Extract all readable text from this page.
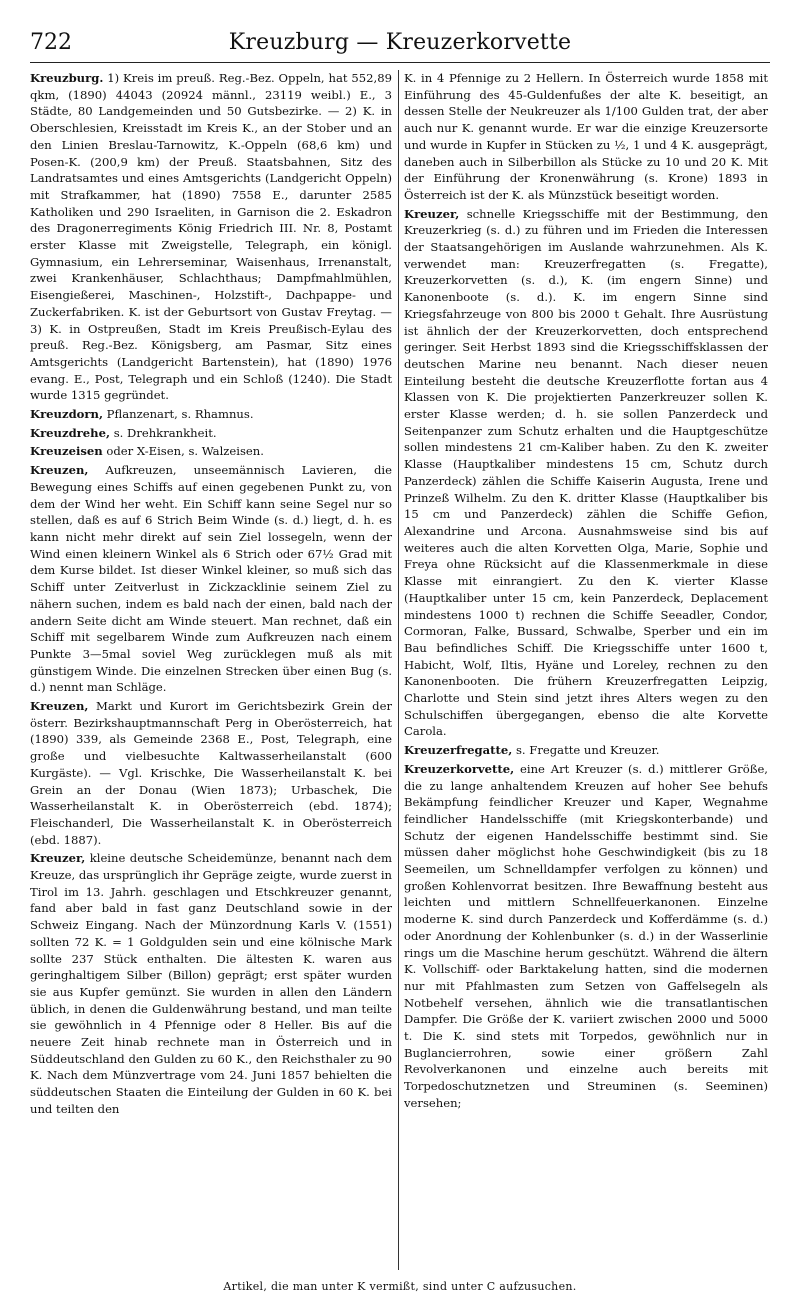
722	Kreuzburg — Kreuzerkorvette

Kreuzburg. 1) Kreis im preuß. Reg.-Bez. Oppeln, hat 552,89 qkm, (1890) 44043 (20924 männl., 23119 weibl.) E., 3 Städte, 80 Landgemeinden und 50 Gutsbezirke. — 2) K. in Oberschlesien, Kreisstadt im Kreis K., an der Stober und an den Linien Breslau-Tarnowitz, K.-Oppeln (68,6 km) und Posen-K. (200,9 km) der Preuß. Staatsbahnen, Sitz des Landratsamtes und eines Amtsgerichts (Landgericht Oppeln) mit Strafkammer, hat (1890) 7558 E., darunter 2585 Katholiken und 290 Israeliten, in Garnison die 2. Eskadron des Dragonerregiments König Friedrich III. Nr. 8, Postamt erster Klasse mit Zweigstelle, Telegraph, ein königl. Gymnasium, ein Lehrerseminar, Waisenhaus, Irrenanstalt, zwei Krankenhäuser, Schlachthaus; Dampfmahlmühlen, Eisengießerei, Maschinen-, Holzstift-, Dachpappe- und Zuckerfabriken. K. ist der Geburtsort von Gustav Freytag. — 3) K. in Ostpreußen, Stadt im Kreis Preußisch-Eylau des preuß. Reg.-Bez. Königsberg, am Pasmar, Sitz eines Amtsgerichts (Landgericht Bartenstein), hat (1890) 1976 evang. E., Post, Telegraph und ein Schloß (1240). Die Stadt wurde 1315 gegründet.

Kreuzdorn, Pflanzenart, s. Rhamnus.

Kreuzdrehe, s. Drehkrankheit.

Kreuzeisen oder X-Eisen, s. Walzeisen.

Kreuzen, Aufkreuzen, unseemännisch Lavieren, die Bewegung eines Schiffs auf einen gegebenen Punkt zu, von dem der Wind her weht. Ein Schiff kann seine Segel nur so stellen, daß es auf 6 Strich Beim Winde (s. d.) liegt, d. h. es kann nicht mehr direkt auf sein Ziel lossegeln, wenn der Wind einen kleinern Winkel als 6 Strich oder 67½ Grad mit dem Kurse bildet. Ist dieser Winkel kleiner, so muß sich das Schiff unter Zeitverlust in Zickzacklinie seinem Ziel zu nähern suchen, indem es bald nach der einen, bald nach der andern Seite dicht am Winde steuert. Man rechnet, daß ein Schiff mit segelbarem Winde zum Aufkreuzen nach einem Punkte 3—5mal soviel Weg zurücklegen muß als mit günstigem Winde. Die einzelnen Strecken über einen Bug (s. d.) nennt man Schläge.

Kreuzen, Markt und Kurort im Gerichtsbezirk Grein der österr. Bezirkshauptmannschaft Perg in Oberösterreich, hat (1890) 339, als Gemeinde 2368 E., Post, Telegraph, eine große und vielbesuchte Kaltwasserheilanstalt (600 Kurgäste). — Vgl. Krischke, Die Wasserheilanstalt K. bei Grein an der Donau (Wien 1873); Urbaschek, Die Wasserheilanstalt K. in Oberösterreich (ebd. 1874); Fleischanderl, Die Wasserheilanstalt K. in Oberösterreich (ebd. 1887).

Kreuzer, kleine deutsche Scheidemünze, benannt nach dem Kreuze, das ursprünglich ihr Gepräge zeigte, wurde zuerst in Tirol im 13. Jahrh. geschlagen und Etschkreuzer genannt, fand aber bald in fast ganz Deutschland sowie in der Schweiz Eingang. Nach der Münzordnung Karls V. (1551) sollten 72 K. = 1 Goldgulden sein und eine kölnische Mark sollte 237 Stück enthalten. Die ältesten K. waren aus geringhaltigem Silber (Billon) geprägt; erst später wurden sie aus Kupfer gemünzt. Sie wurden in allen den Ländern üblich, in denen die Guldenwährung bestand, und man teilte sie gewöhnlich in 4 Pfennige oder 8 Heller. Bis auf die neuere Zeit hinab rechnete man in Österreich und in Süddeutschland den Gulden zu 60 K., den Reichsthaler zu 90 K. Nach dem Münzvertrage vom 24. Juni 1857 behielten die süddeutschen Staaten die Einteilung der Gulden in 60 K. bei und teilten den

K. in 4 Pfennige zu 2 Hellern. In Österreich wurde 1858 mit Einführung des 45-Guldenfußes der alte K. beseitigt, an dessen Stelle der Neukreuzer als 1/100 Gulden trat, der aber auch nur K. genannt wurde. Er war die einzige Kreuzersorte und wurde in Kupfer in Stücken zu ½, 1 und 4 K. ausgeprägt, daneben auch in Silberbillon als Stücke zu 10 und 20 K. Mit der Einführung der Kronenwährung (s. Krone) 1893 in Österreich ist der K. als Münzstück beseitigt worden.

Kreuzer, schnelle Kriegsschiffe mit der Bestimmung, den Kreuzerkrieg (s. d.) zu führen und im Frieden die Interessen der Staatsangehörigen im Auslande wahrzunehmen. Als K. verwendet man: Kreuzerfregatten (s. Fregatte), Kreuzerkorvetten (s. d.), K. (im engern Sinne) und Kanonenboote (s. d.). K. im engern Sinne sind Kriegsfahrzeuge von 800 bis 2000 t Gehalt. Ihre Ausrüstung ist ähnlich der der Kreuzerkorvetten, doch entsprechend geringer. Seit Herbst 1893 sind die Kriegsschiffsklassen der deutschen Marine neu benannt. Nach dieser neuen Einteilung besteht die deutsche Kreuzerflotte fortan aus 4 Klassen von K. Die projektierten Panzerkreuzer sollen K. erster Klasse werden; d. h. sie sollen Panzerdeck und Seitenpanzer zum Schutz erhalten und die Hauptgeschütze sollen mindestens 21 cm-Kaliber haben. Zu den K. zweiter Klasse (Hauptkaliber mindestens 15 cm, Schutz durch Panzerdeck) zählen die Schiffe Kaiserin Augusta, Irene und Prinzeß Wilhelm. Zu den K. dritter Klasse (Hauptkaliber bis 15 cm und Panzerdeck) zählen die Schiffe Gefion, Alexandrine und Arcona. Ausnahmsweise sind bis auf weiteres auch die alten Korvetten Olga, Marie, Sophie und Freya ohne Rücksicht auf die Klassenmerkmale in diese Klasse mit einrangiert. Zu den K. vierter Klasse (Hauptkaliber unter 15 cm, kein Panzerdeck, Deplacement mindestens 1000 t) rechnen die Schiffe Seeadler, Condor, Cormoran, Falke, Bussard, Schwalbe, Sperber und ein im Bau befindliches Schiff. Die Kriegsschiffe unter 1600 t, Habicht, Wolf, Iltis, Hyäne und Loreley, rechnen zu den Kanonenbooten. Die frühern Kreuzerfregatten Leipzig, Charlotte und Stein sind jetzt ihres Alters wegen zu den Schulschiffen übergegangen, ebenso die alte Korvette Carola.

Kreuzerfregatte, s. Fregatte und Kreuzer.

Kreuzerkorvette, eine Art Kreuzer (s. d.) mittlerer Größe, die zu lange anhaltendem Kreuzen auf hoher See behufs Bekämpfung feindlicher Kreuzer und Kaper, Wegnahme feindlicher Handelsschiffe (mit Kriegskonterbande) und Schutz der eigenen Handelsschiffe bestimmt sind. Sie müssen daher möglichst hohe Geschwindigkeit (bis zu 18 Seemeilen, um Schnelldampfer verfolgen zu können) und großen Kohlenvorrat besitzen. Ihre Bewaffnung besteht aus leichten und mittlern Schnellfeuerkanonen. Einzelne moderne K. sind durch Panzerdeck und Kofferdämme (s. d.) oder Anordnung der Kohlenbunker (s. d.) in der Wasserlinie rings um die Maschine herum geschützt. Während die ältern K. Vollschiff- oder Barktakelung hatten, sind die modernen nur mit Pfahlmasten zum Setzen von Gaffelsegeln als Notbehelf versehen, ähnlich wie die transatlantischen Dampfer. Die Größe der K. variiert zwischen 2000 und 5000 t. Die K. sind stets mit Torpedos, gewöhnlich nur in Buglancierrohren, sowie einer größern Zahl Revolverkanonen und einzelne auch bereits mit Torpedoschutznetzen und Streuminen (s. Seeminen) versehen;

Artikel, die man unter K vermißt, sind unter C aufzusuchen.
